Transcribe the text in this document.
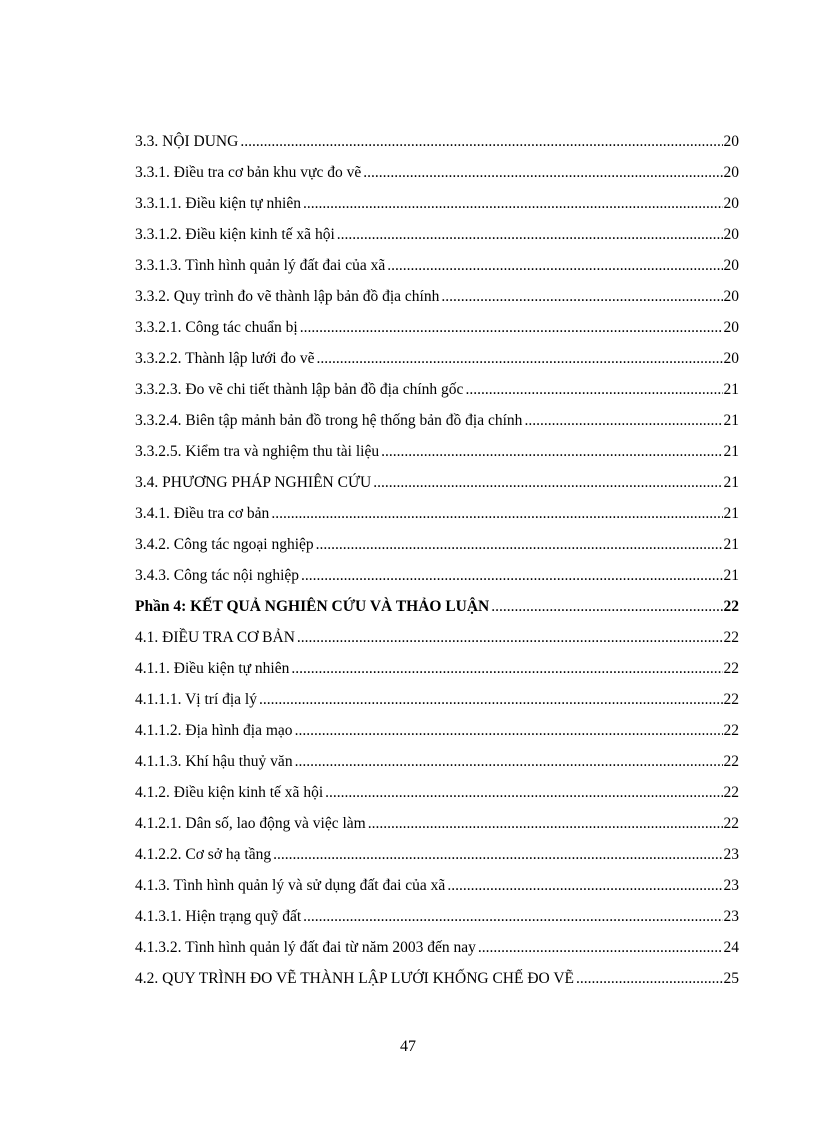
3.3. NỘI DUNG .....	20
3.3.1. Điều tra cơ bản khu vực đo vẽ .....	20
3.3.1.1. Điều kiện tự nhiên .....	20
3.3.1.2. Điều kiện kinh tế xã hội .....	20
3.3.1.3. Tình hình quản lý đất đai của xã .....	20
3.3.2. Quy trình đo vẽ thành lập bản đồ địa chính .....	20
3.3.2.1. Công tác chuẩn bị .....	20
3.3.2.2. Thành lập lưới đo vẽ .....	20
3.3.2.3. Đo vẽ chi tiết thành lập bản đồ địa chính gốc .....	21
3.3.2.4. Biên tập mảnh bản đồ trong hệ thống bản đồ địa chính .....	21
3.3.2.5. Kiểm tra và nghiệm thu tài liệu .....	21
3.4. PHƯƠNG PHÁP NGHIÊN CỨU .....	21
3.4.1. Điều tra cơ bản .....	21
3.4.2. Công tác ngoại nghiệp .....	21
3.4.3. Công tác nội nghiệp .....	21
Phần 4: KẾT QUẢ NGHIÊN CỨU VÀ THẢO LUẬN .....	22
4.1. ĐIỀU TRA CƠ BẢN .....	22
4.1.1. Điều kiện tự nhiên .....	22
4.1.1.1. Vị trí địa lý .....	22
4.1.1.2. Địa hình địa mạo .....	22
4.1.1.3. Khí hậu thuỷ văn .....	22
4.1.2. Điều kiện kinh tế xã hội .....	22
4.1.2.1. Dân số, lao động và việc làm .....	22
4.1.2.2. Cơ sở hạ tầng .....	23
4.1.3. Tình hình quản lý và sử dụng đất đai của xã .....	23
4.1.3.1. Hiện trạng quỹ đất .....	23
4.1.3.2. Tình hình quản lý đất đai từ năm 2003 đến nay .....	24
4.2. QUY TRÌNH ĐO VẼ THÀNH LẬP LƯỚI KHỐNG CHẾ ĐO VẼ .....	25
47
